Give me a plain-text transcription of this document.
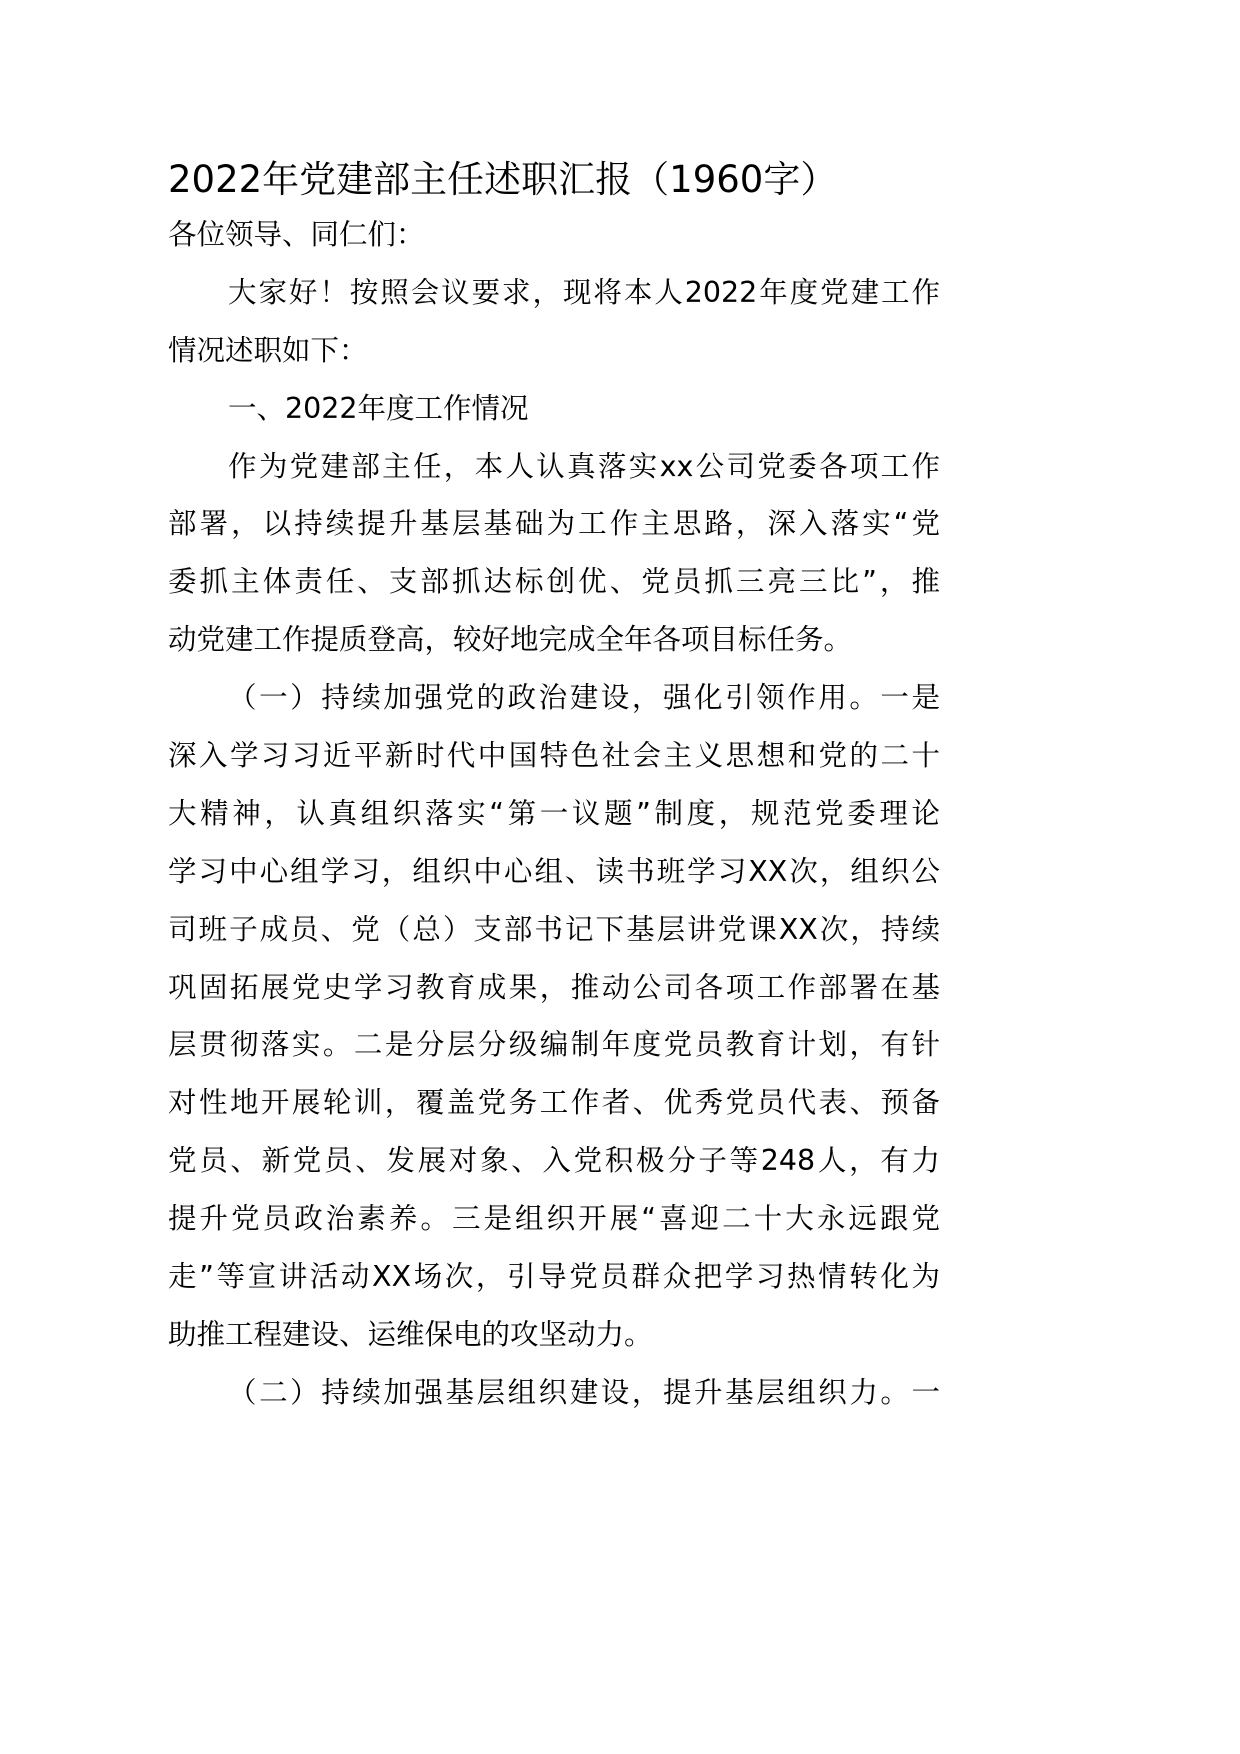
2022年党建部主任述职汇报（1960字）
各位领导、同仁们：
大家好！按照会议要求，现将本人2022年度党建工作
情况述职如下：
一、2022年度工作情况
作为党建部主任，本人认真落实xx公司党委各项工作
部署，以持续提升基层基础为工作主思路，深入落实“党
委抓主体责任、支部抓达标创优、党员抓三亮三比”，推
动党建工作提质登高，较好地完成全年各项目标任务。
（一）持续加强党的政治建设，强化引领作用。一是
深入学习习近平新时代中国特色社会主义思想和党的二十
大精神，认真组织落实“第一议题”制度，规范党委理论
学习中心组学习，组织中心组、读书班学习XX次，组织公
司班子成员、党（总）支部书记下基层讲党课XX次，持续
巩固拓展党史学习教育成果，推动公司各项工作部署在基
层贯彻落实。二是分层分级编制年度党员教育计划，有针
对性地开展轮训，覆盖党务工作者、优秀党员代表、预备
党员、新党员、发展对象、入党积极分子等248人，有力
提升党员政治素养。三是组织开展“喜迎二十大永远跟党
走”等宣讲活动XX场次，引导党员群众把学习热情转化为
助推工程建设、运维保电的攻坚动力。
（二）持续加强基层组织建设，提升基层组织力。一
